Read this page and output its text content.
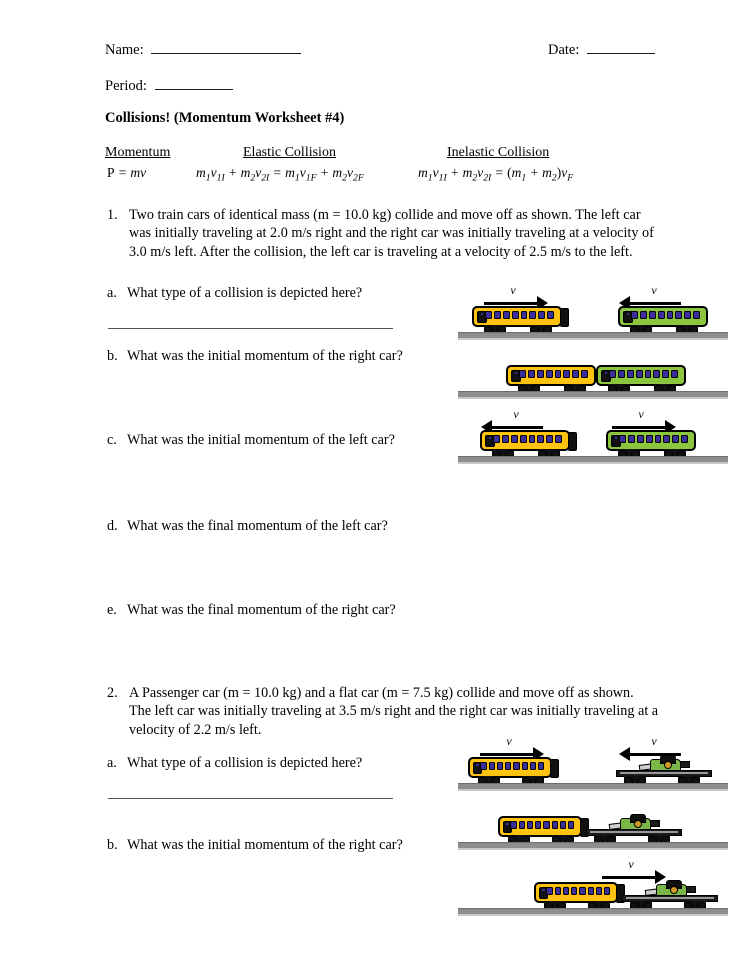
Name:	Date:
Period:
Collisions! (Momentum Worksheet #4)
Momentum
P = mv
Elastic Collision
$m_1v_{1I} + m_2v_{2I} = m_1v_{1F} + m_2v_{2F}$
Inelastic Collision
$m_1v_{1I} + m_2v_{2I} = (m_1 + m_2)v_F$
1. Two train cars of identical mass (m = 10.0 kg) collide and move off as shown. The left car was initially traveling at 2.0 m/s right and the right car was initially traveling at a velocity of 3.0 m/s left. After the collision, the left car is traveling at a velocity of 2.5 m/s to the left.
a. What type of a collision is depicted here?
b. What was the initial momentum of the right car?
c. What was the initial momentum of the left car?
d. What was the final momentum of the left car?
e. What was the final momentum of the right car?
v	v
v	v
2. A Passenger car (m = 10.0 kg) and a flat car (m = 7.5 kg) collide and move off as shown. The left car was initially traveling at 3.5 m/s right and the right car was initially traveling at a velocity of 2.2 m/s left.
a. What type of a collision is depicted here?
b. What was the initial momentum of the right car?
v	v
v
